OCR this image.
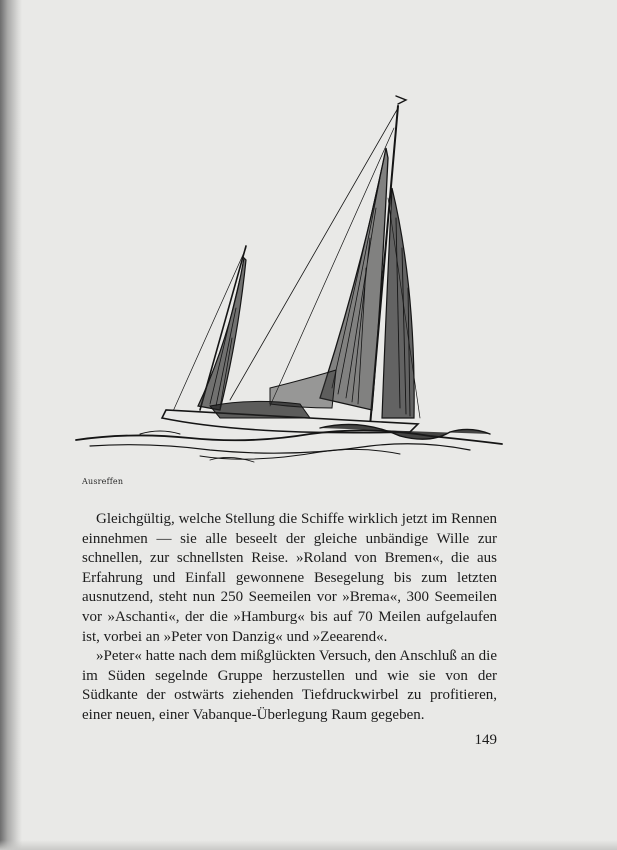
Ausreffen

Gleichgültig, welche Stellung die Schiffe wirklich jetzt im Rennen einnehmen — sie alle beseelt der gleiche unbändige Wille zur schnellen, zur schnellsten Reise. »Roland von Bremen«, die aus Erfahrung und Einfall gewonnene Besegelung bis zum letzten ausnutzend, steht nun 250 Seemeilen vor »Brema«, 300 Seemeilen vor »Aschanti«, der die »Hamburg« bis auf 70 Meilen aufgelaufen ist, vorbei an »Peter von Danzig« und »Zeearend«.

»Peter« hatte nach dem mißglückten Versuch, den Anschluß an die im Süden segelnde Gruppe herzustellen und wie sie von der Südkante der ostwärts ziehenden Tiefdruckwirbel zu profitieren, einer neuen, einer Vabanque-Überlegung Raum gegeben.

149
